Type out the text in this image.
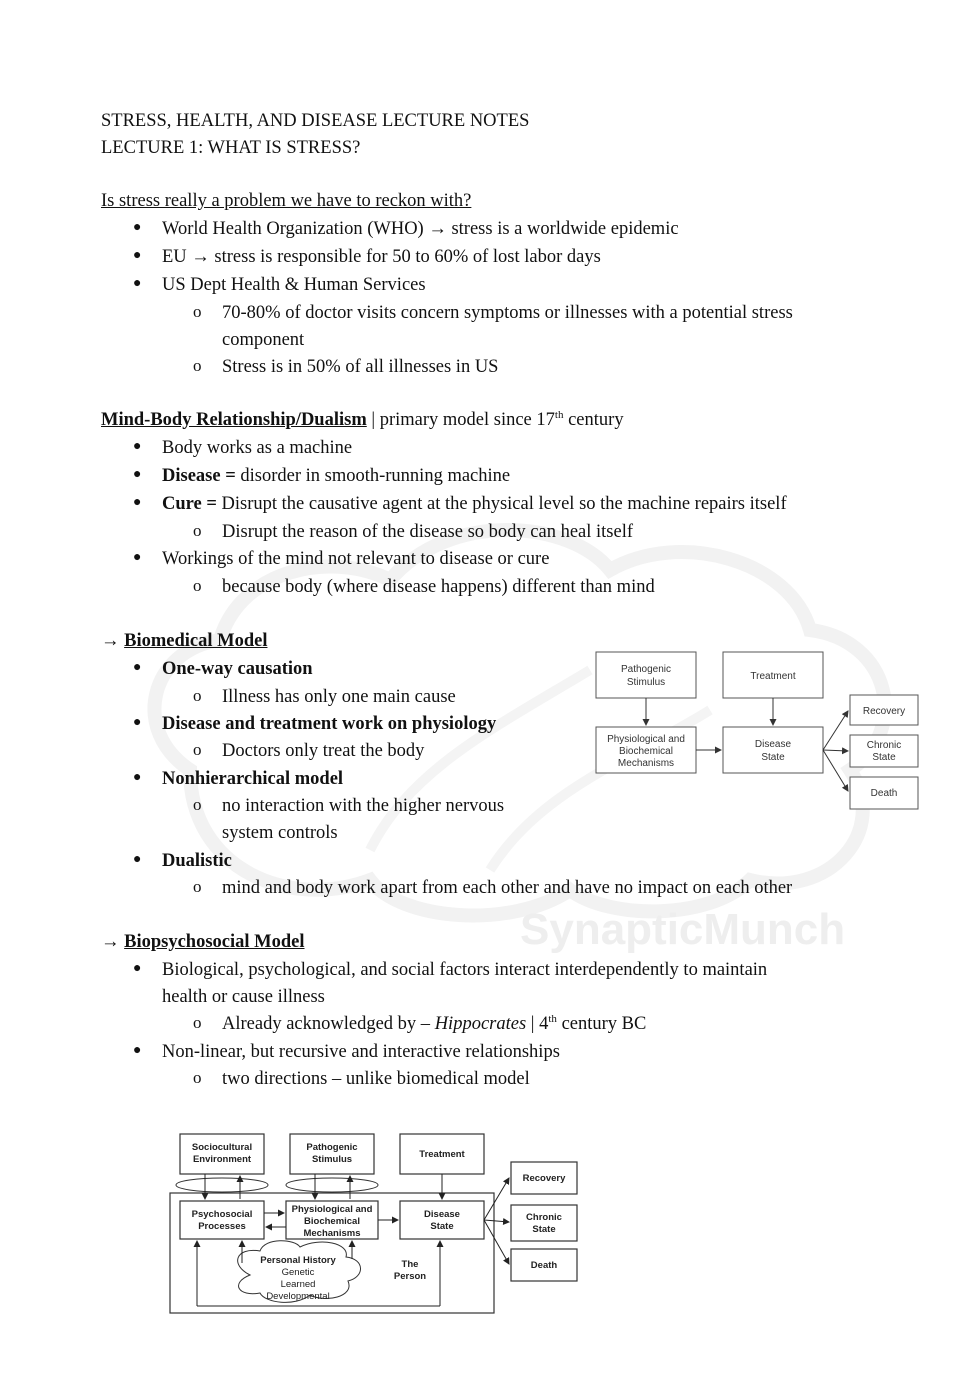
SynapticMunch
STRESS, HEALTH, AND DISEASE LECTURE NOTES
LECTURE 1: WHAT IS STRESS?
Is stress really a problem we have to reckon with?
● World Health Organization (WHO) → stress is a worldwide epidemic
● EU → stress is responsible for 50 to 60% of lost labor days
● US Dept Health & Human Services
o 70-80% of doctor visits concern symptoms or illnesses with a potential stress
component
o Stress is in 50% of all illnesses in US
Mind-Body Relationship/Dualism | primary model since 17th century
● Body works as a machine
● Disease = disorder in smooth-running machine
● Cure = Disrupt the causative agent at the physical level so the machine repairs itself
o Disrupt the reason of the disease so body can heal itself
● Workings of the mind not relevant to disease or cure
o because body (where disease happens) different than mind
→ Biomedical Model
● One-way causation
o Illness has only one main cause
● Disease and treatment work on physiology
o Doctors only treat the body
● Nonhierarchical model
o no interaction with the higher nervous
system controls
● Dualistic
o mind and body work apart from each other and have no impact on each other
Pathogenic
Stimulus
Treatment
Physiological and
Biochemical
Mechanisms
Disease
State
Recovery
Chronic
State
Death
→ Biopsychosocial Model
● Biological, psychological, and social factors interact interdependently to maintain
health or cause illness
o Already acknowledged by – Hippocrates | 4th century BC
● Non-linear, but recursive and interactive relationships
o two directions – unlike biomedical model
Sociocultural
Environment
Pathogenic
Stimulus	Treatment
Psychosocial
Processes
Physiological and
Biochemical
Mechanisms
Disease
State
Recovery
Chronic
State
Death
The
Person
Personal History
Genetic
Learned
Developmental
